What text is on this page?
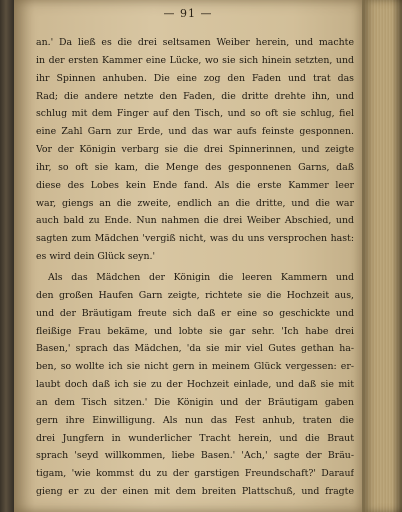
— 91 —
an.' Da ließ es die drei seltsamen Weiber herein, und machte
in der ersten Kammer eine Lücke, wo sie sich hinein setzten, und
ihr Spinnen anhuben. Die eine zog den Faden und trat das
Rad; die andere netzte den Faden, die dritte drehte ihn, und
schlug mit dem Finger auf den Tisch, und so oft sie schlug, fiel
eine Zahl Garn zur Erde, und das war aufs feinste gesponnen.
Vor der Königin verbarg sie die drei Spinnerinnen, und zeigte
ihr, so oft sie kam, die Menge des gesponnenen Garns, daß
diese des Lobes kein Ende fand. Als die erste Kammer leer
war, giengs an die zweite, endlich an die dritte, und die war
auch bald zu Ende. Nun nahmen die drei Weiber Abschied, und
sagten zum Mädchen 'vergiß nicht, was du uns versprochen hast:
es wird dein Glück seyn.'
Als das Mädchen der Königin die leeren Kammern und
den großen Haufen Garn zeigte, richtete sie die Hochzeit aus,
und der Bräutigam freute sich daß er eine so geschickte und
fleißige Frau bekäme, und lobte sie gar sehr. 'Ich habe drei
Basen,' sprach das Mädchen, 'da sie mir viel Gutes gethan ha-
ben, so wollte ich sie nicht gern in meinem Glück vergessen: er-
laubt doch daß ich sie zu der Hochzeit einlade, und daß sie mit
an dem Tisch sitzen.' Die Königin und der Bräutigam gaben
gern ihre Einwilligung. Als nun das Fest anhub, traten die
drei Jungfern in wunderlicher Tracht herein, und die Braut
sprach 'seyd willkommen, liebe Basen.' 'Ach,' sagte der Bräu-
tigam, 'wie kommst du zu der garstigen Freundschaft?' Darauf
gieng er zu der einen mit dem breiten Plattschuß, und fragte
